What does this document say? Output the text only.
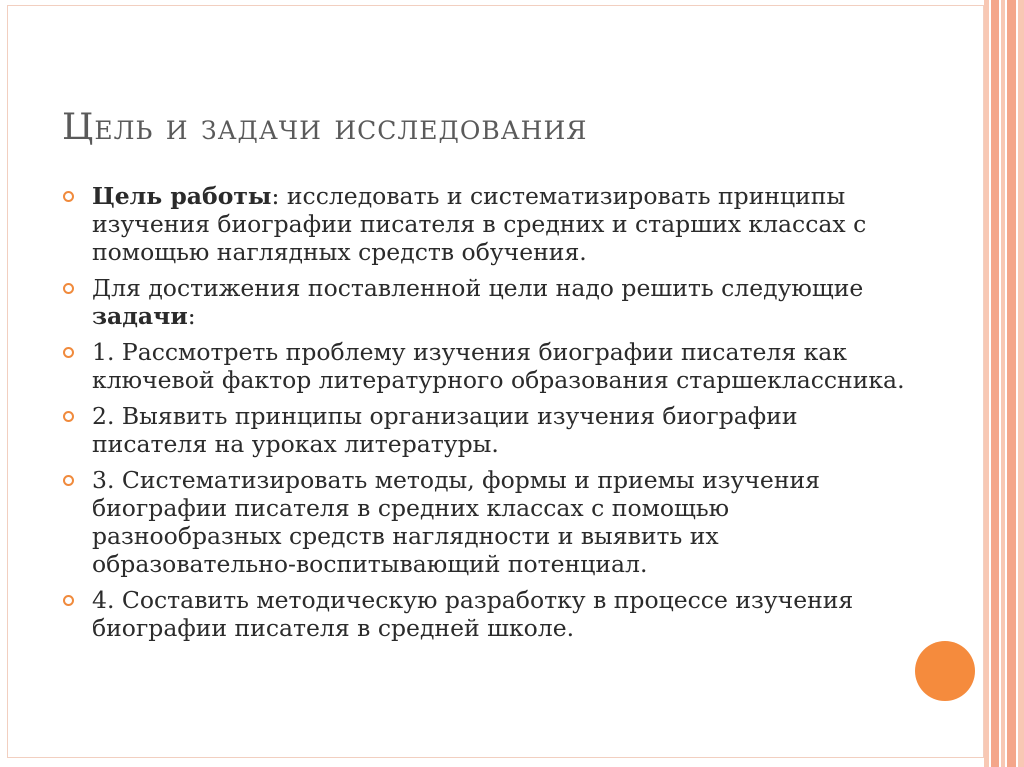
Цель и задачи исследования
Цель работы: исследовать и систематизировать принципы изучения биографии писателя в средних и старших классах с помощью наглядных средств обучения.
Для достижения поставленной цели надо решить следующие задачи:
1. Рассмотреть проблему изучения биографии писателя как ключевой фактор литературного образования старшеклассника.
2. Выявить принципы организации изучения биографии писателя на уроках литературы.
3. Систематизировать методы, формы и приемы изучения биографии писателя в средних классах с помощью разнообразных средств наглядности и выявить их образовательно-воспитывающий потенциал.
4. Составить методическую разработку в процессе изучения биографии писателя в средней школе.
